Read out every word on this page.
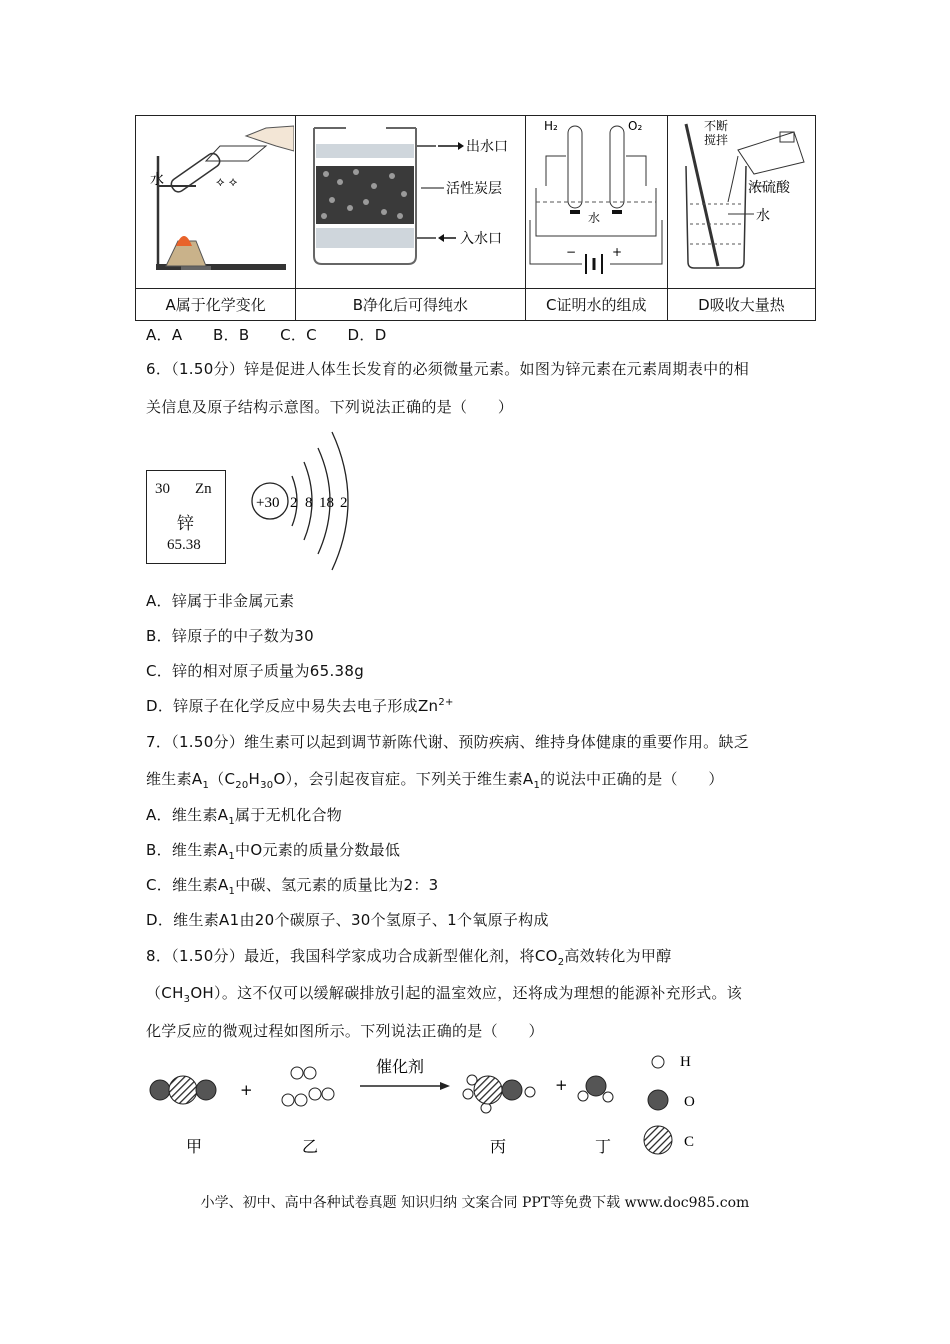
⟡ ⟡
水	出水口
活性炭层
入水口	H₂ O₂
水
− +	不断
搅拌
浓硫酸
水

A属于化学变化	B净化后可得纯水	C证明水的组成	D吸收大量热
A．A　　B．B　　C．C　　D．D
6．（1.50分）锌是促进人体生长发育的必须微量元素。如图为锌元素在元素周期表中的相
关信息及原子结构示意图。下列说法正确的是（　　）
30 Zn
锌
65.38
+30 2 8 18 2
A．锌属于非金属元素
B．锌原子的中子数为30
C．锌的相对原子质量为65.38g
D．锌原子在化学反应中易失去电子形成$Zn^{2+}$
7．（1.50分）维生素可以起到调节新陈代谢、预防疾病、维持身体健康的重要作用。缺乏
维生素$A_1(C_{20}H_{30}O)$，会引起夜盲症。下列关于维生素$A_1$的说法中正确的是（　　）
A．维生素$A_1$属于无机化合物
B．维生素$A_1$中O元素的质量分数最低
C．维生素$A_1$中碳、氢元素的质量比为2：3
D．维生素A1由20个碳原子、30个氢原子、1个氧原子构成
8．（1.50分）最近，我国科学家成功合成新型催化剂，将$CO_2$高效转化为甲醇
$(CH_3OH)$。这不仅可以缓解碳排放引起的温室效应，还将成为理想的能源补充形式。该
化学反应的微观过程如图所示。下列说法正确的是（　　）
+
催化剂
+
H
O
C
甲	乙	丙	丁
小学、初中、高中各种试卷真题 知识归纳 文案合同 PPT等免费下载 www.doc985.com
